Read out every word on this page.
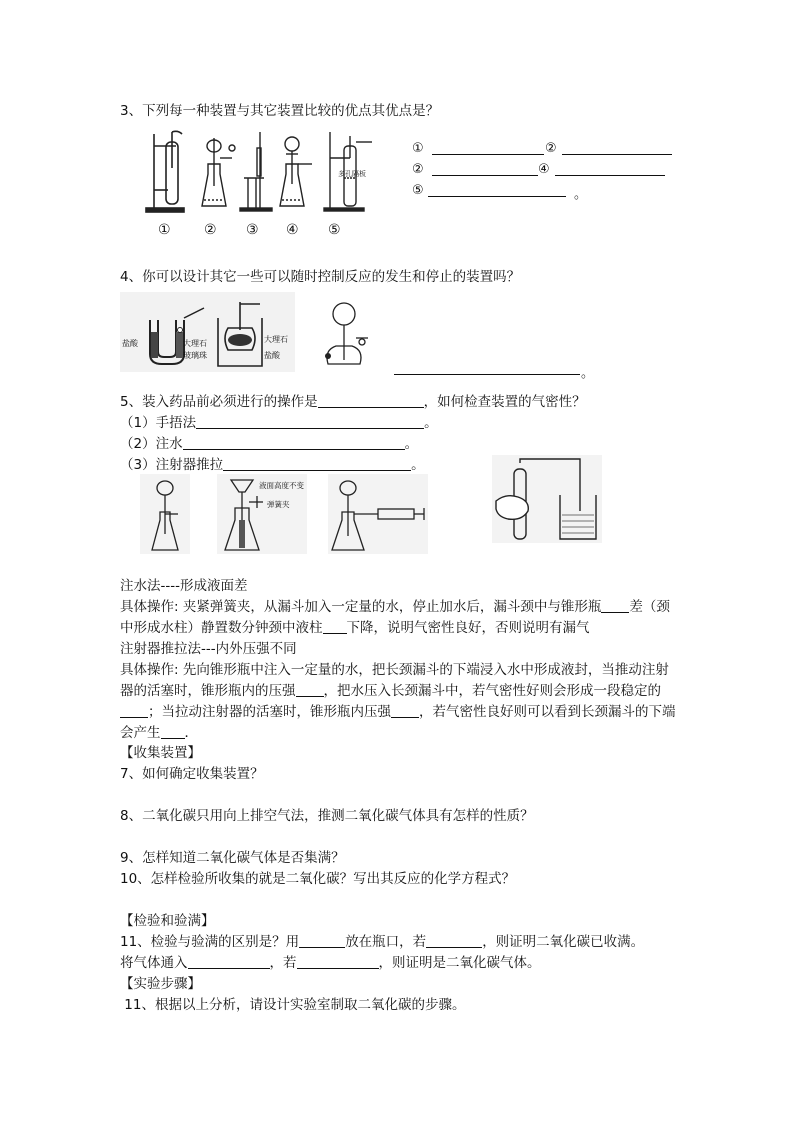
3、下列每一种装置与其它装置比较的优点其优点是？
多孔隔板
① ② ③ ④ ⑤
①	②
②	④
⑤	。
4、你可以设计其它一些可以随时控制反应的发生和停止的装置吗？
盐酸	大理石
玻璃珠
大理石
盐酸
。
5、装入药品前必须进行的操作是	，如何检查装置的气密性？
（1）手捂法	。
（2）注水	。
（3）注射器推拉	。
液面高度不变
弹簧夹
注水法----形成液面差
具体操作: 夹紧弹簧夹，从漏斗加入一定量的水，停止加水后，漏斗颈中与锥形瓶 差（颈中形成水柱）静置数分钟颈中液柱 下降，说明气密性良好，否则说明有漏气
注射器推拉法---内外压强不同
具体操作: 先向锥形瓶中注入一定量的水，把长颈漏斗的下端浸入水中形成液封，当推动注射器的活塞时，锥形瓶内的压强 ，把水压入长颈漏斗中，若气密性好则会形成一段稳定的；当拉动注射器的活塞时，锥形瓶内压强 ，若气密性良好则可以看到长颈漏斗的下端会产生 ．
【收集装置】
7、如何确定收集装置？
8、二氧化碳只用向上排空气法，推测二氧化碳气体具有怎样的性质？
9、怎样知道二氧化碳气体是否集满？
10、怎样检验所收集的就是二氧化碳？写出其反应的化学方程式？
【检验和验满】
11、检验与验满的区别是？用	放在瓶口，若	，则证明二氧化碳已收满。
将气体通入	，若	，则证明是二氧化碳气体。
【实验步骤】
11、根据以上分析，请设计实验室制取二氧化碳的步骤。
